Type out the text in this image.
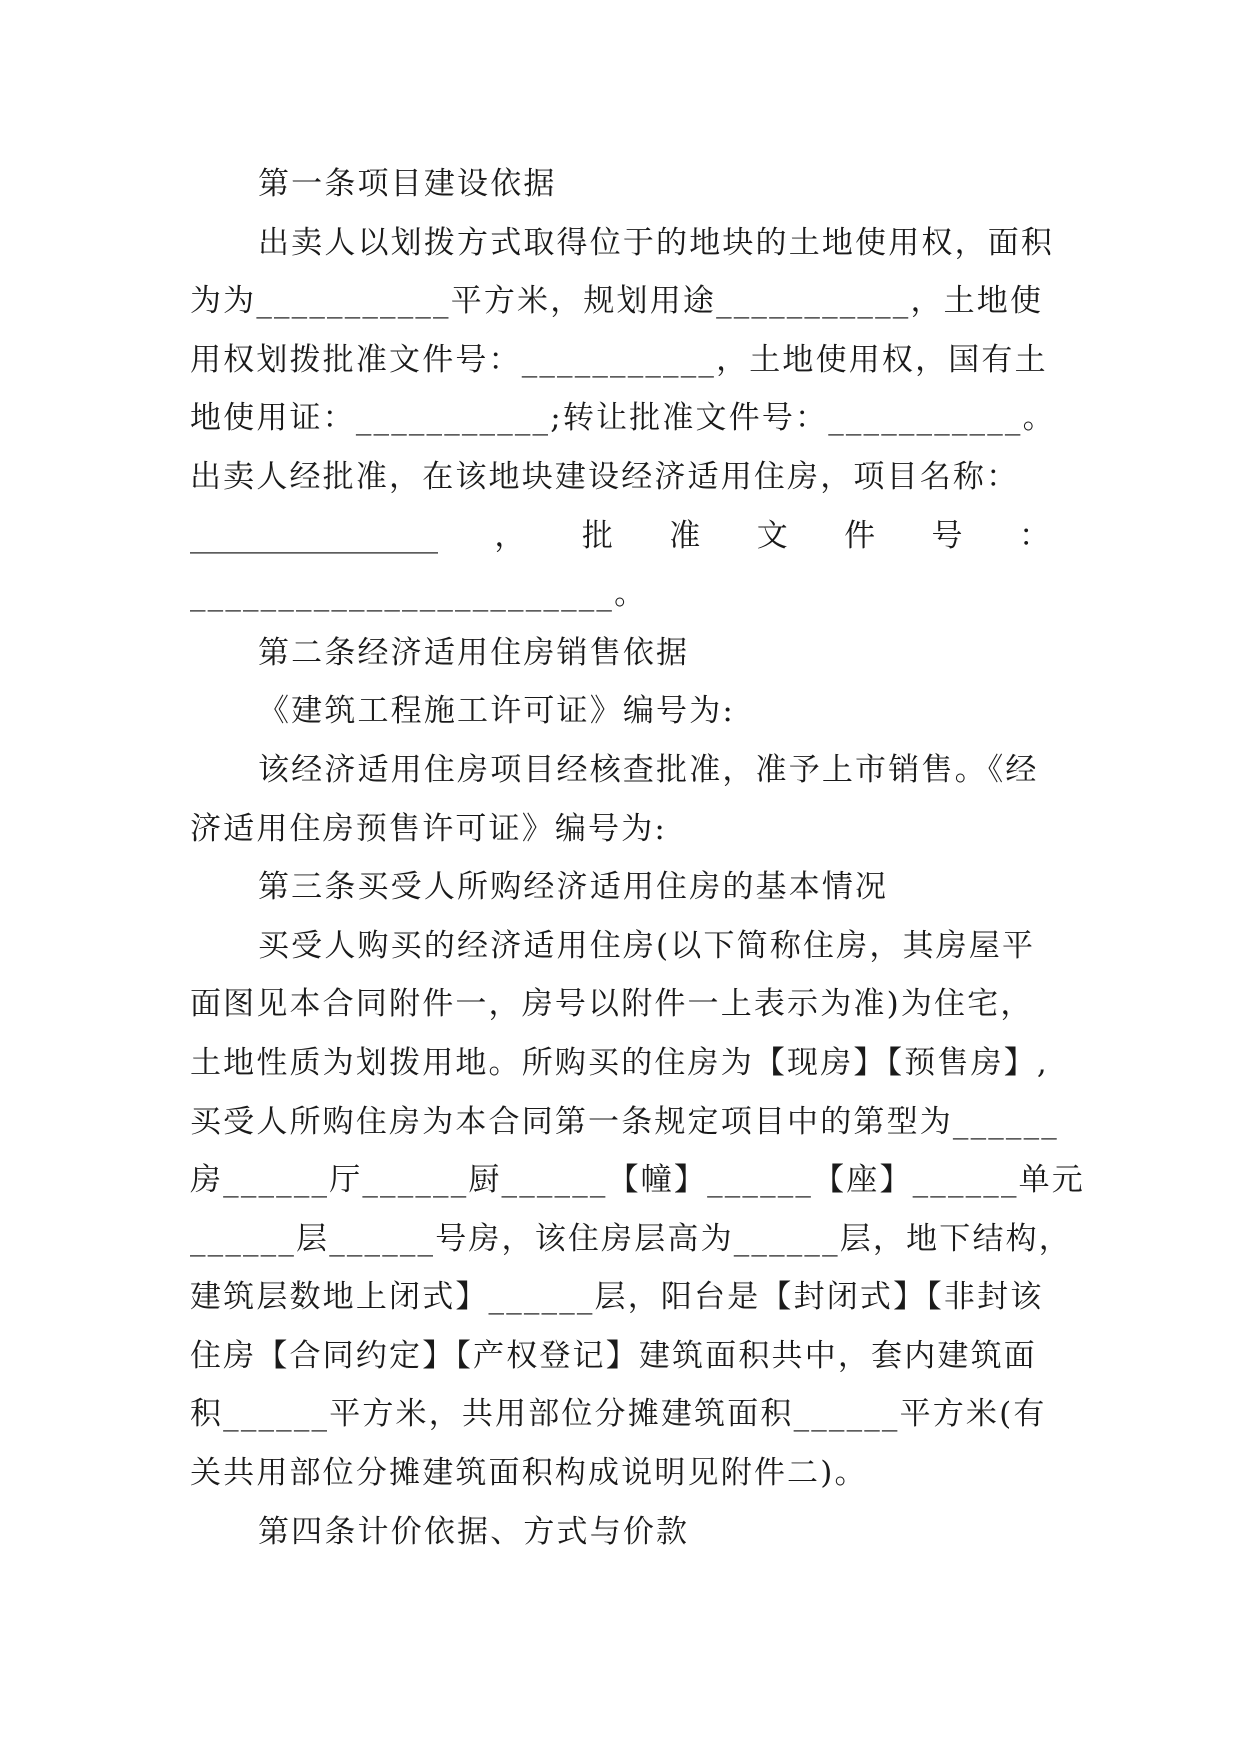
第一条项目建设依据
出卖人以划拨方式取得位于的地块的土地使用权，面积
为为___________平方米，规划用途___________，土地使
用权划拨批准文件号：___________，土地使用权，国有土
地使用证：___________;转让批准文件号：___________。
出卖人经批准，在该地块建设经济适用住房，项目名称：
________________ ， 批 准 文 件 号 ：
________________________。
第二条经济适用住房销售依据
《建筑工程施工许可证》编号为:
该经济适用住房项目经核查批准，准予上市销售。《经
济适用住房预售许可证》编号为:
第三条买受人所购经济适用住房的基本情况
买受人购买的经济适用住房(以下简称住房，其房屋平
面图见本合同附件一，房号以附件一上表示为准)为住宅，
土地性质为划拨用地。所购买的住房为【现房】【预售房】,
买受人所购住房为本合同第一条规定项目中的第型为______
房______厅______厨______【幢】______【座】______单元
______层______号房，该住房层高为______层，地下结构，
建筑层数地上闭式】______层，阳台是【封闭式】【非封该
住房【合同约定】【产权登记】建筑面积共中，套内建筑面
积______平方米，共用部位分摊建筑面积______平方米(有
关共用部位分摊建筑面积构成说明见附件二)。
第四条计价依据、方式与价款
